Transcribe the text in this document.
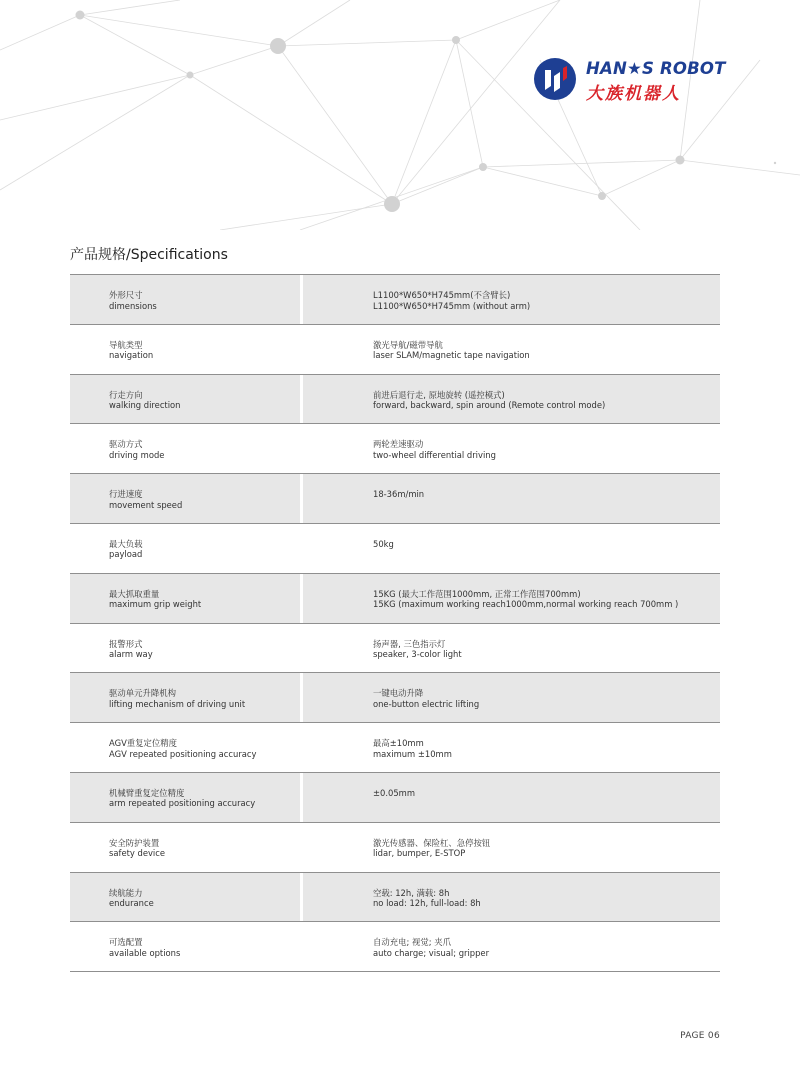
HAN★S ROBOT
大族机器人
产品规格/Specifications
外形尺寸
dimensions
L1100*W650*H745mm(不含臂长)
L1100*W650*H745mm (without arm)
导航类型
navigation
激光导航/磁带导航
laser SLAM/magnetic tape navigation
行走方向
walking direction
前进后退行走, 原地旋转 (遥控模式)
forward, backward, spin around (Remote control mode)
驱动方式
driving mode
两轮差速驱动
two-wheel differential driving
行进速度
movement speed
18-36m/min
最大负载
payload
50kg
最大抓取重量
maximum grip weight
15KG (最大工作范围1000mm, 正常工作范围700mm)
15KG (maximum working reach1000mm,normal working reach 700mm )
报警形式
alarm way
扬声器, 三色指示灯
speaker, 3-color light
驱动单元升降机构
lifting mechanism of driving unit
一键电动升降
one-button electric lifting
AGV重复定位精度
AGV repeated positioning accuracy
最高±10mm
maximum ±10mm
机械臂重复定位精度
arm repeated positioning accuracy
±0.05mm
安全防护装置
safety device
激光传感器、保险杠、急停按钮
lidar, bumper, E-STOP
续航能力
endurance
空载: 12h, 满载: 8h
no load: 12h, full-load: 8h
可选配置
available options
自动充电; 视觉; 夹爪
auto charge; visual; gripper
PAGE 06
